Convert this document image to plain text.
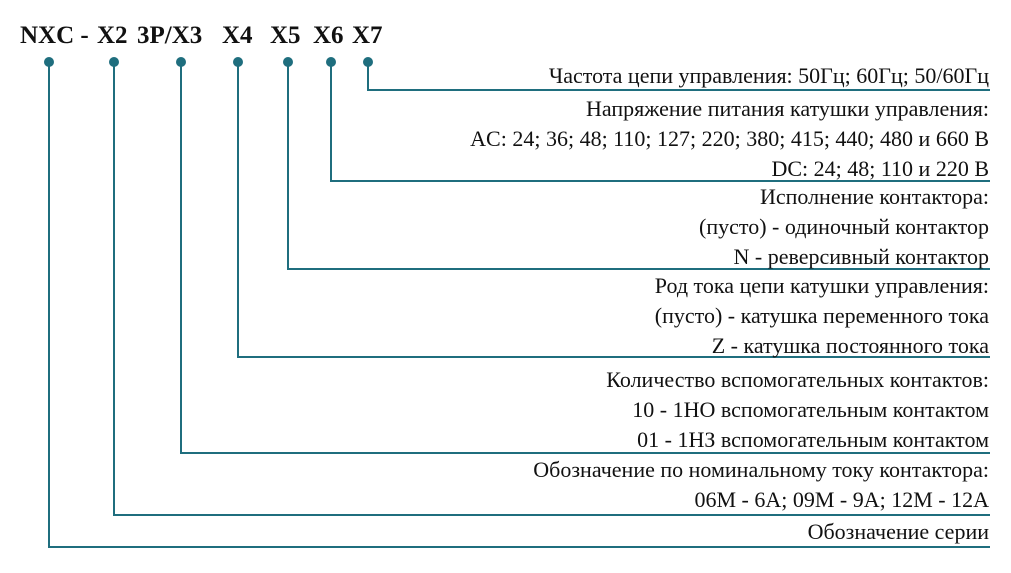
NXC - X2 3P/X3 X4 X5 X6 X7
Частота цепи управления: 50Гц; 60Гц; 50/60Гц
Напряжение питания катушки управления:
AC: 24; 36; 48; 110; 127; 220; 380; 415; 440; 480 и 660 В
DC: 24; 48; 110 и 220 В
Исполнение контактора:
(пусто) - одиночный контактор
N - реверсивный контактор
Род тока цепи катушки управления:
(пусто) - катушка переменного тока
Z - катушка постоянного тока
Количество вспомогательных контактов:
10 - 1НО вспомогательным контактом
01 - 1НЗ вспомогательным контактом
Обозначение по номинальному току контактора:
06M - 6A; 09M - 9A; 12M - 12A
Обозначение серии
